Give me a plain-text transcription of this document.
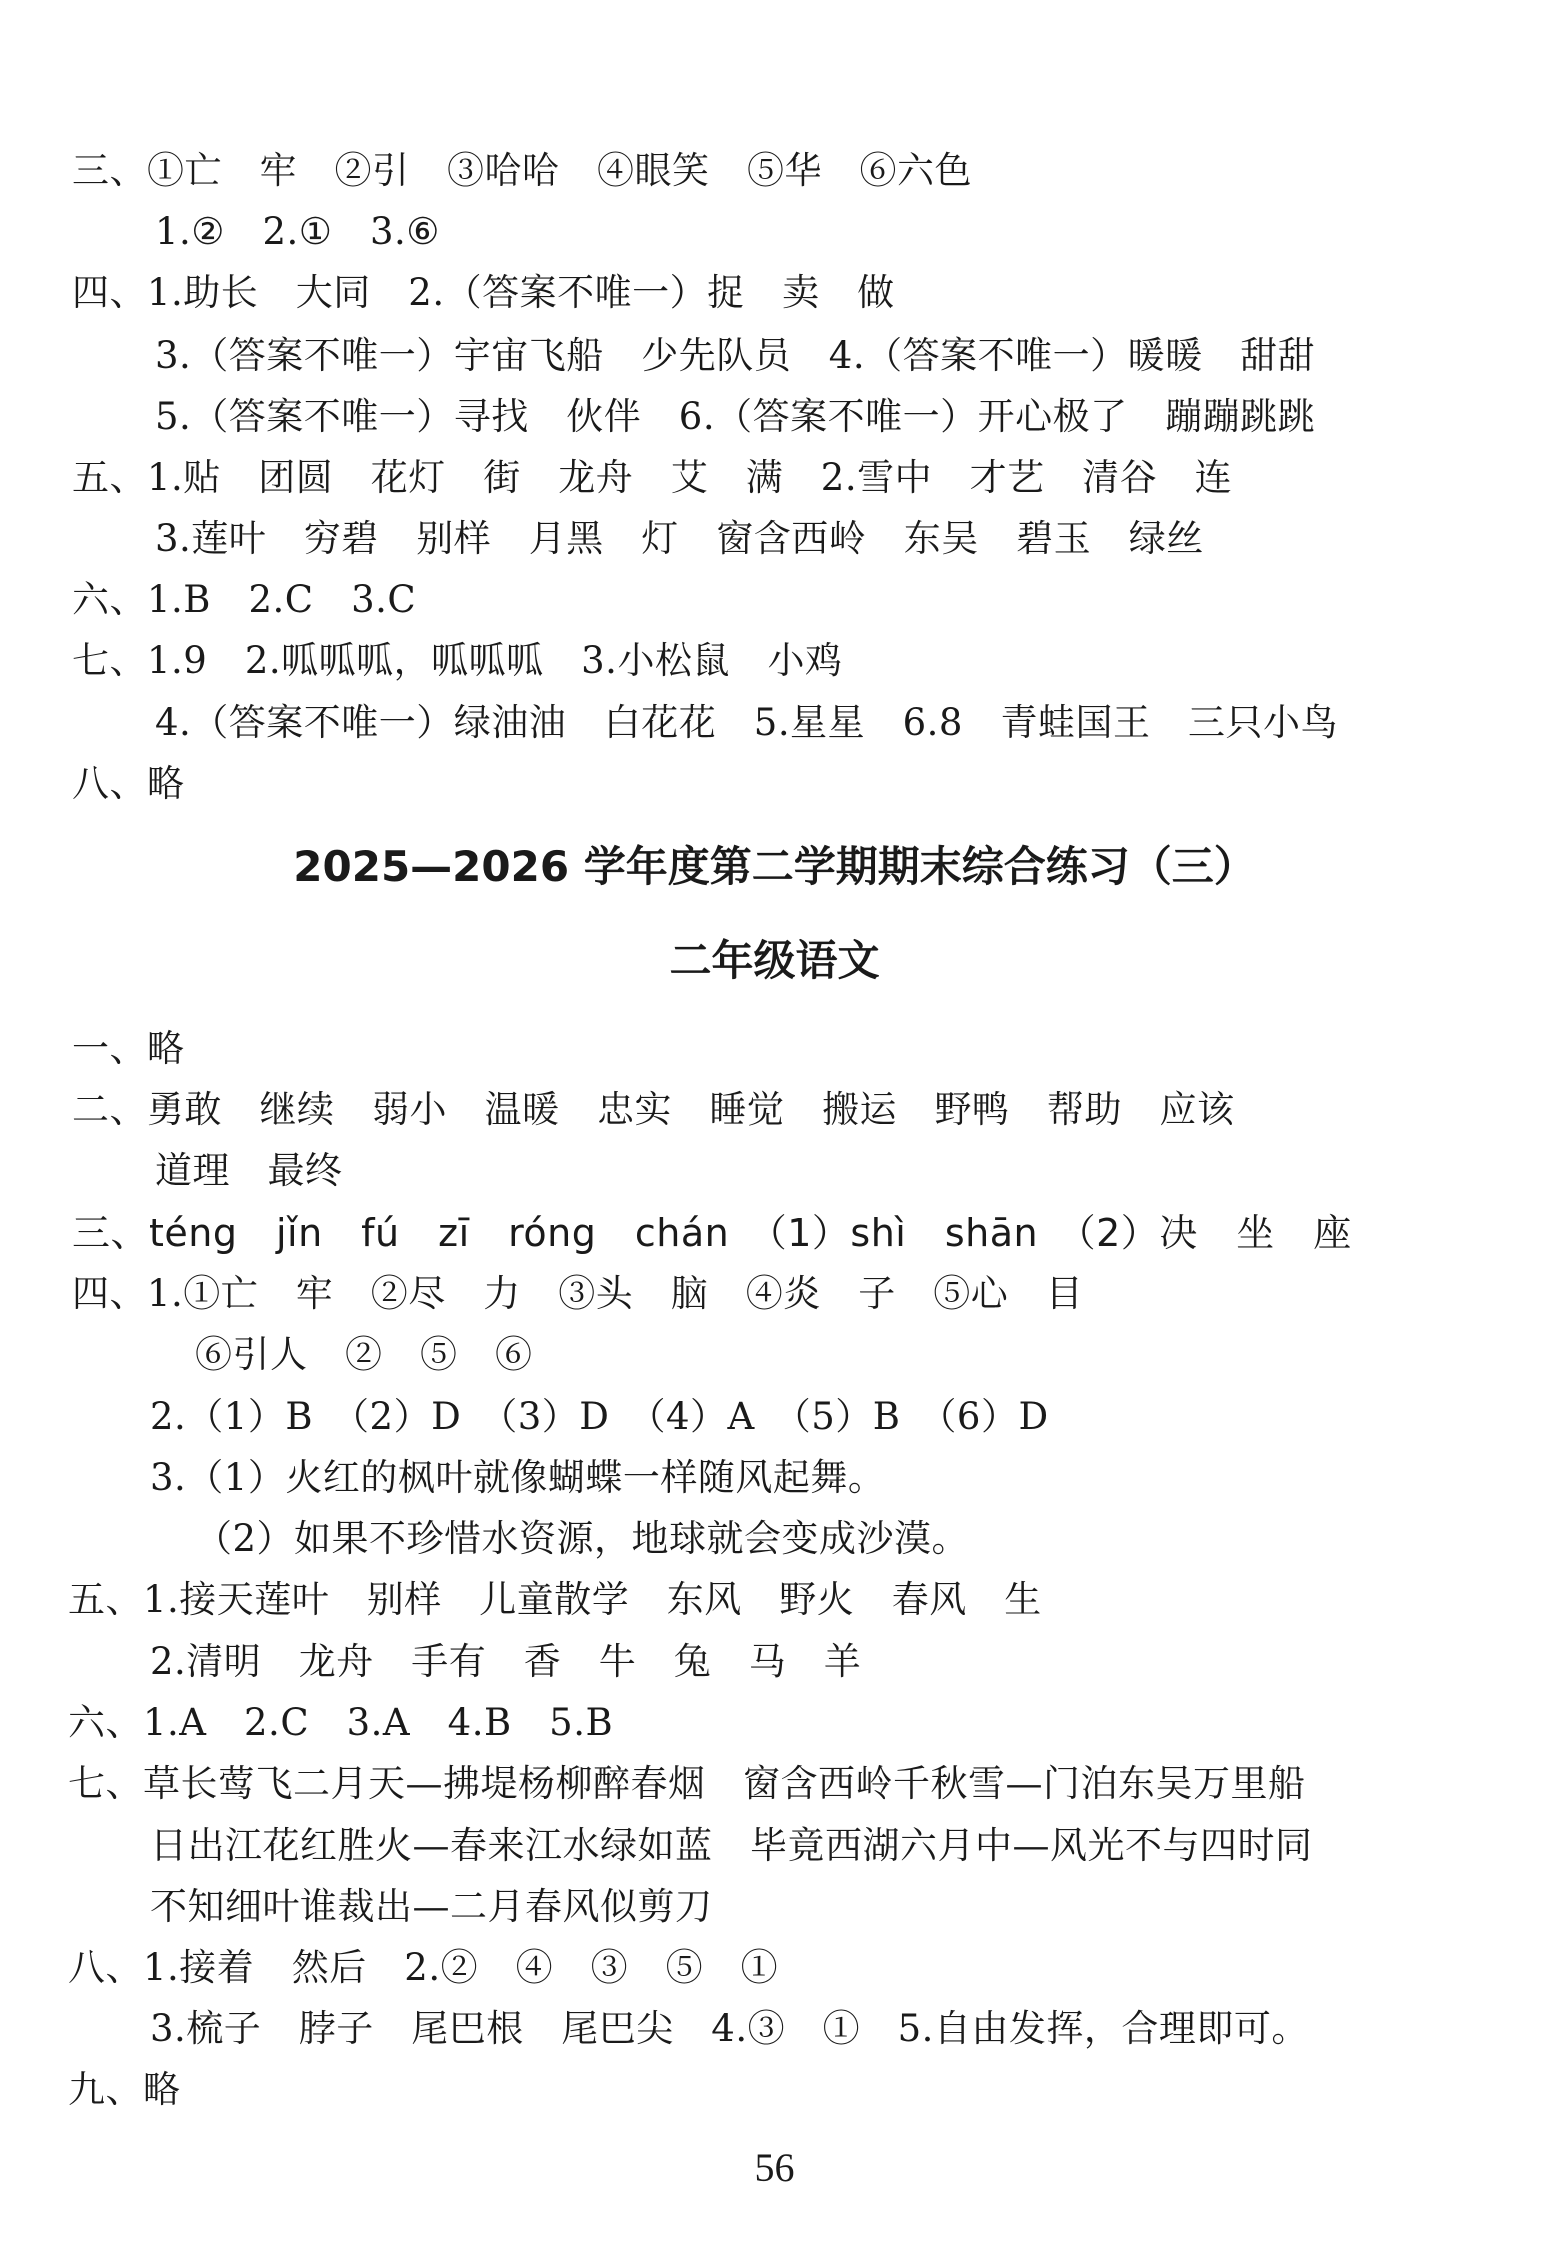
三、①亡　牢　②引　③哈哈　④眼笑　⑤华　⑥六色
1.②　2.①　3.⑥
四、1.助长　大同　2.（答案不唯一）捉　卖　做
3.（答案不唯一）宇宙飞船　少先队员　4.（答案不唯一）暖暖　甜甜
5.（答案不唯一）寻找　伙伴　6.（答案不唯一）开心极了　蹦蹦跳跳
五、1.贴　团圆　花灯　街　龙舟　艾　满　2.雪中　才艺　清谷　连
3.莲叶　穷碧　别样　月黑　灯　窗含西岭　东吴　碧玉　绿丝
六、1.B　2.C　3.C
七、1.9　2.呱呱呱，呱呱呱　3.小松鼠　小鸡
4.（答案不唯一）绿油油　白花花　5.星星　6.8　青蛙国王　三只小鸟
八、略
2025—2026 学年度第二学期期末综合练习（三）
二年级语文
一、略
二、勇敢　继续　弱小　温暖　忠实　睡觉　搬运　野鸭　帮助　应该
道理　最终
三、téng　jǐn　fú　zī　róng　chán　（1）shì　shān　（2）决　坐　座
四、1.①亡　牢　②尽　力　③头　脑　④炎　子　⑤心　目
⑥引人　②　⑤　⑥
2.（1）B　（2）D　（3）D　（4）A　（5）B　（6）D
3.（1）火红的枫叶就像蝴蝶一样随风起舞。
（2）如果不珍惜水资源，地球就会变成沙漠。
五、1.接天莲叶　别样　儿童散学　东风　野火　春风　生
2.清明　龙舟　手有　香　牛　兔　马　羊
六、1.A　2.C　3.A　4.B　5.B
七、草长莺飞二月天—拂堤杨柳醉春烟　窗含西岭千秋雪—门泊东吴万里船
日出江花红胜火—春来江水绿如蓝　毕竟西湖六月中—风光不与四时同
不知细叶谁裁出—二月春风似剪刀
八、1.接着　然后　2.②　④　③　⑤　①
3.梳子　脖子　尾巴根　尾巴尖　4.③　①　5.自由发挥，合理即可。
九、略
56
